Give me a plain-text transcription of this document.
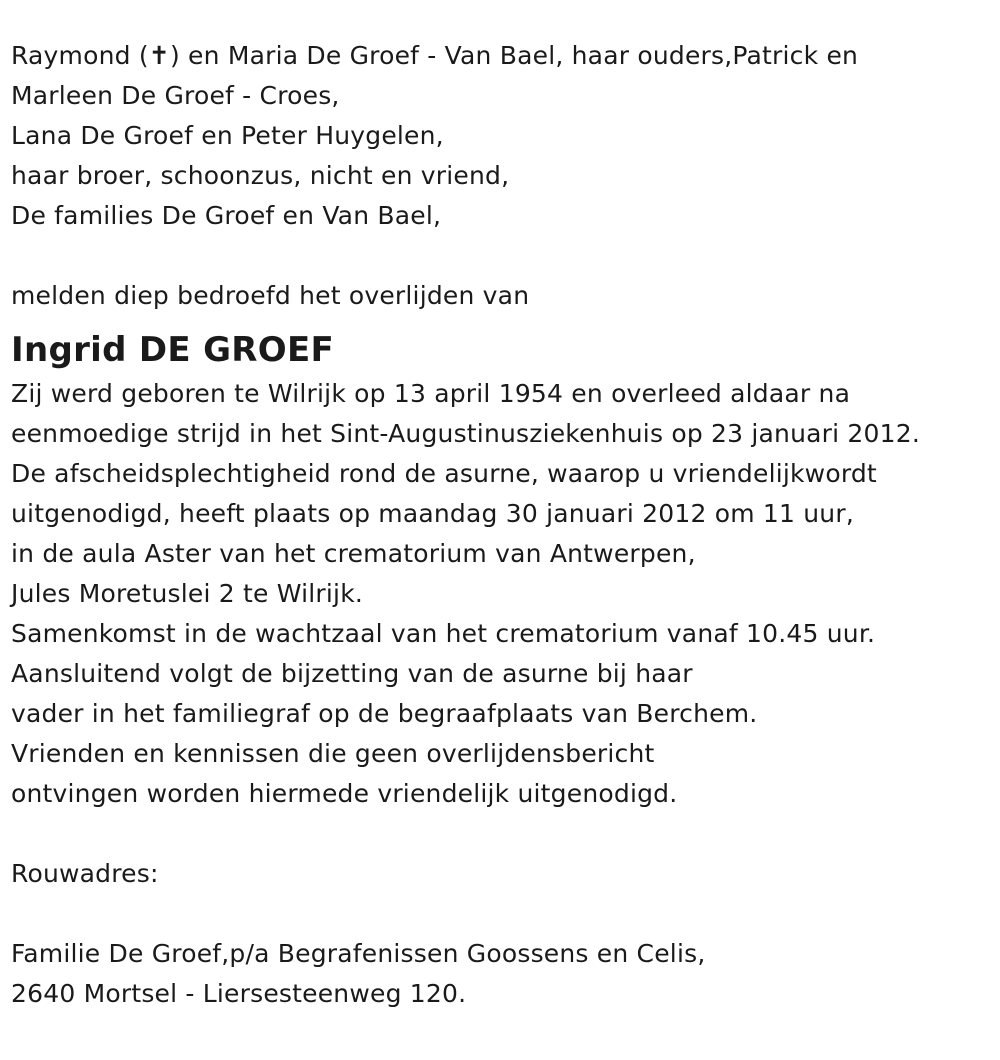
Raymond (✝) en Maria De Groef - Van Bael, haar ouders,Patrick en
Marleen De Groef - Croes,
Lana De Groef en Peter Huygelen,
haar broer, schoonzus, nicht en vriend,
De families De Groef en Van Bael,
melden diep bedroefd het overlijden van
Ingrid DE GROEF
Zij werd geboren te Wilrijk op 13 april 1954 en overleed aldaar na
eenmoedige strijd in het Sint-Augustinusziekenhuis op 23 januari 2012.
De afscheidsplechtigheid rond de asurne, waarop u vriendelijkwordt
uitgenodigd, heeft plaats op maandag 30 januari 2012 om 11 uur,
in de aula Aster van het crematorium van Antwerpen,
Jules Moretuslei 2 te Wilrijk.
Samenkomst in de wachtzaal van het crematorium vanaf 10.45 uur.
Aansluitend volgt de bijzetting van de asurne bij haar
vader in het familiegraf op de begraafplaats van Berchem.
Vrienden en kennissen die geen overlijdensbericht
ontvingen worden hiermede vriendelijk uitgenodigd.
Rouwadres:
Familie De Groef,p/a Begrafenissen Goossens en Celis,
2640 Mortsel - Liersesteenweg 120.
